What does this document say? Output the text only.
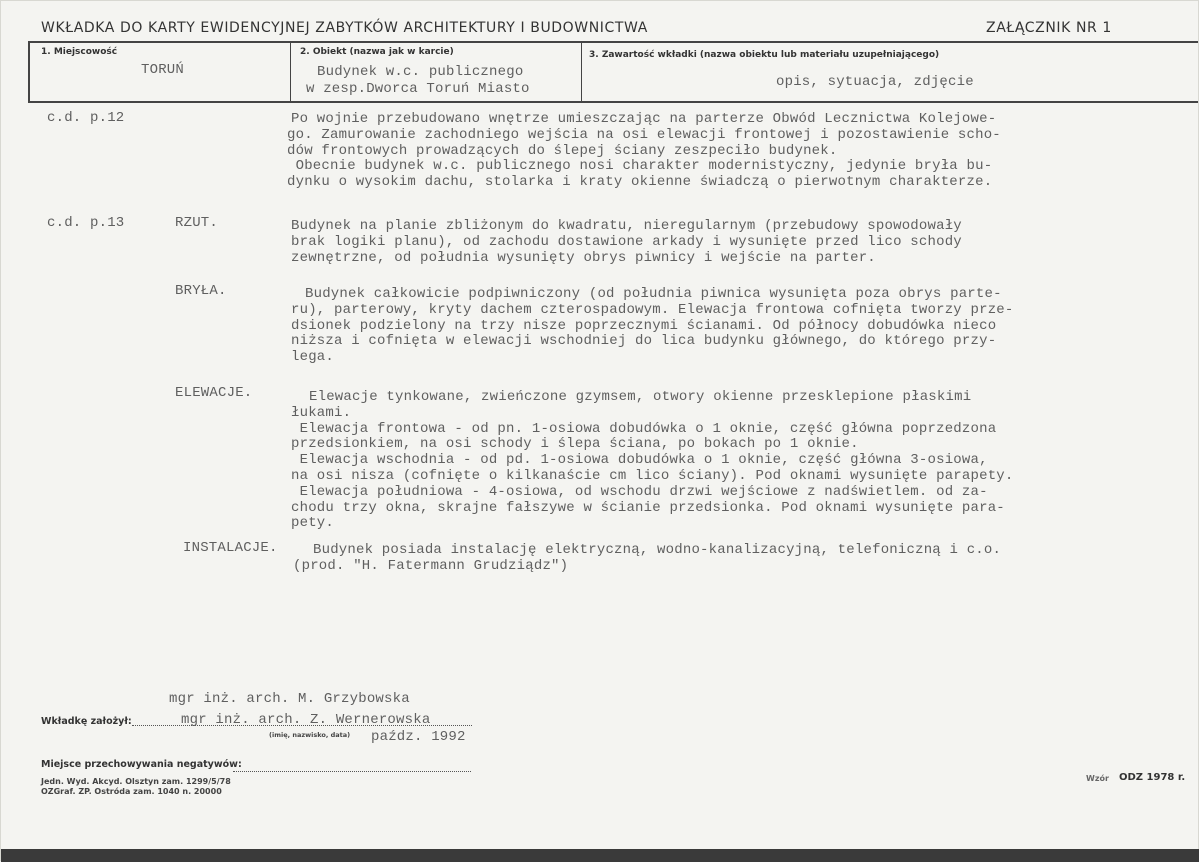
WKŁADKA DO KARTY EWIDENCYJNEJ ZABYTKÓW ARCHITEKTURY I BUDOWNICTWA	ZAŁĄCZNIK NR 1
1. Miejscowość
TORUŃ
2. Obiekt (nazwa jak w karcie)
Budynek w.c. publicznego
w zesp.Dworca Toruń Miasto
3. Zawartość wkładki (nazwa obiektu lub materiału uzupełniającego)
opis, sytuacja, zdjęcie
c.d. p.12	Po wojnie przebudowano wnętrze umieszczając na parterze Obwód Lecznictwa Kolejowe-
go. Zamurowanie zachodniego wejścia na osi elewacji frontowej i pozostawienie scho-
dów frontowych prowadzących do ślepej ściany zeszpeciło budynek.
Obecnie budynek w.c. publicznego nosi charakter modernistyczny, jedynie bryła bu-
dynku o wysokim dachu, stolarka i kraty okienne świadczą o pierwotnym charakterze.
c.d. p.13	RZUT.	Budynek na planie zbliżonym do kwadratu, nieregularnym (przebudowy spowodowały
brak logiki planu), od zachodu dostawione arkady i wysunięte przed lico schody
zewnętrzne, od południa wysunięty obrys piwnicy i wejście na parter.
BRYŁA.	Budynek całkowicie podpiwniczony (od południa piwnica wysunięta poza obrys parte-
ru), parterowy, kryty dachem czterospadowym. Elewacja frontowa cofnięta tworzy prze-
dsionek podzielony na trzy nisze poprzecznymi ścianami. Od północy dobudówka nieco
niższa i cofnięta w elewacji wschodniej do lica budynku głównego, do którego przy-
lega.
ELEWACJE.	Elewacje tynkowane, zwieńczone gzymsem, otwory okienne przesklepione płaskimi
łukami.
Elewacja frontowa - od pn. 1-osiowa dobudówka o 1 oknie, część główna poprzedzona
przedsionkiem, na osi schody i ślepa ściana, po bokach po 1 oknie.
Elewacja wschodnia - od pd. 1-osiowa dobudówka o 1 oknie, część główna 3-osiowa,
na osi nisza (cofnięte o kilkanaście cm lico ściany). Pod oknami wysunięte parapety.
Elewacja południowa - 4-osiowa, od wschodu drzwi wejściowe z nadświetlem. od za-
chodu trzy okna, skrajne fałszywe w ścianie przedsionka. Pod oknami wysunięte para-
pety.
INSTALACJE.	Budynek posiada instalację elektryczną, wodno-kanalizacyjną, telefoniczną i c.o.
(prod. "H. Fatermann Grudziądz")
mgr inż. arch. M. Grzybowska
mgr inż. arch. Z. Wernerowska
paźdz. 1992
Wkładkę założył:
(imię, nazwisko, data)
Miejsce przechowywania negatywów:
Jedn. Wyd. Akcyd. Olsztyn zam. 1299/5/78
OZGraf. ZP. Ostróda zam. 1040 n. 20000
Wzór ODZ 1978 r.
